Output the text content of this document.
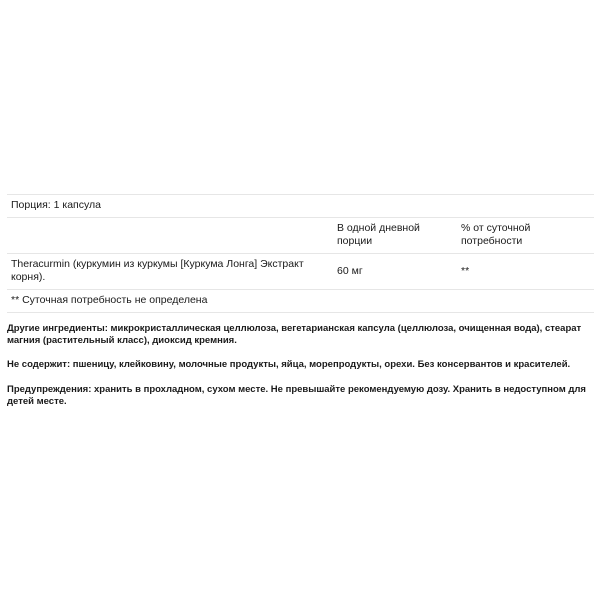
Порция: 1 капсула
В одной дневной порции
% от суточной потребности
Theracurmin (куркумин из куркумы [Куркума Лонга] Экстракт корня).	60 мг	**
** Суточная потребность не определена
Другие ингредиенты: микрокристаллическая целлюлоза, вегетарианская капсула (целлюлоза, очищенная вода), стеарат магния (растительный класс), диоксид кремния.
Не содержит: пшеницу, клейковину, молочные продукты, яйца, морепродукты, орехи. Без консервантов и красителей.
Предупреждения: хранить в прохладном, сухом месте. Не превышайте рекомендуемую дозу. Хранить в недоступном для детей месте.
